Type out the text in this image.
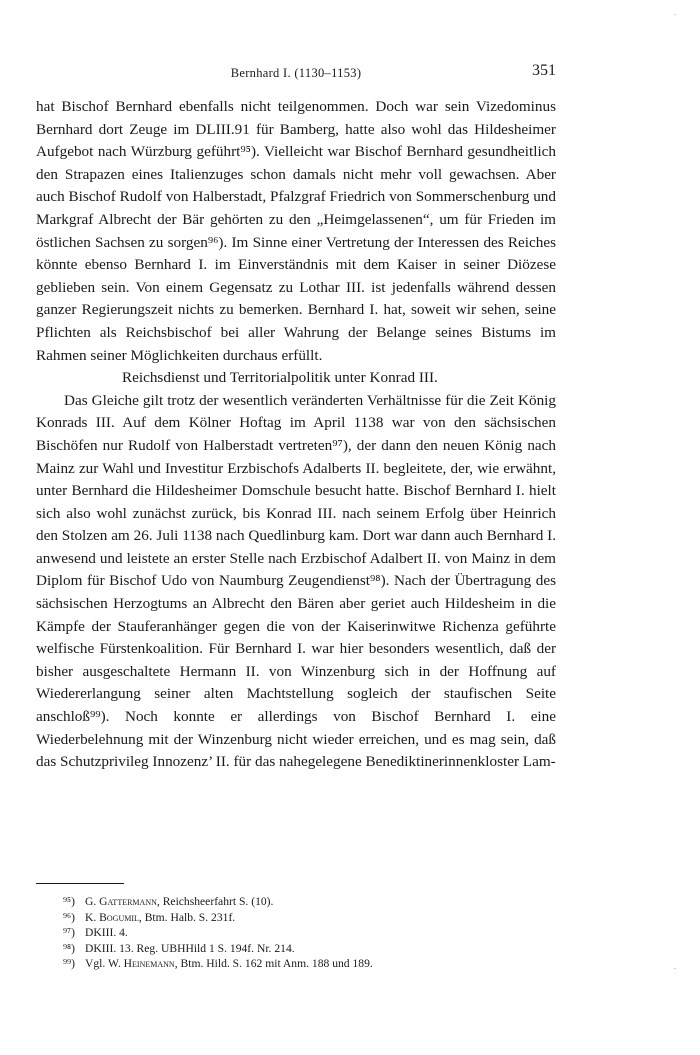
Bernhard I. (1130–1153)	351

hat Bischof Bernhard ebenfalls nicht teilgenommen. Doch war sein Vizedominus Bernhard dort Zeuge im DLIII.91 für Bamberg, hatte also wohl das Hildesheimer Aufgebot nach Würzburg geführt⁹⁵). Vielleicht war Bischof Bernhard gesundheitlich den Strapazen eines Italienzuges schon damals nicht mehr voll gewachsen. Aber auch Bischof Rudolf von Halberstadt, Pfalzgraf Friedrich von Sommerschenburg und Markgraf Albrecht der Bär gehörten zu den „Heimgelassenen“, um für Frieden im östlichen Sachsen zu sorgen⁹⁶). Im Sinne einer Vertretung der Interessen des Reiches könnte ebenso Bernhard I. im Einverständnis mit dem Kaiser in seiner Diözese geblieben sein. Von einem Gegensatz zu Lothar III. ist jedenfalls während dessen ganzer Regierungszeit nichts zu bemerken. Bernhard I. hat, soweit wir sehen, seine Pflichten als Reichsbischof bei aller Wahrung der Belange seines Bistums im Rahmen seiner Möglichkeiten durchaus erfüllt.

Reichsdienst und Territorialpolitik unter Konrad III.

Das Gleiche gilt trotz der wesentlich veränderten Verhältnisse für die Zeit König Konrads III. Auf dem Kölner Hoftag im April 1138 war von den sächsischen Bischöfen nur Rudolf von Halberstadt vertreten⁹⁷), der dann den neuen König nach Mainz zur Wahl und Investitur Erzbischofs Adalberts II. begleitete, der, wie erwähnt, unter Bernhard die Hildesheimer Domschule besucht hatte. Bischof Bernhard I. hielt sich also wohl zunächst zurück, bis Konrad III. nach seinem Erfolg über Heinrich den Stolzen am 26. Juli 1138 nach Quedlinburg kam. Dort war dann auch Bernhard I. anwesend und leistete an erster Stelle nach Erzbischof Adalbert II. von Mainz in dem Diplom für Bischof Udo von Naumburg Zeugendienst⁹⁸). Nach der Übertragung des sächsischen Herzogtums an Albrecht den Bären aber geriet auch Hildesheim in die Kämpfe der Stauferanhänger gegen die von der Kaiserinwitwe Richenza geführte welfische Fürstenkoalition. Für Bernhard I. war hier besonders wesentlich, daß der bisher ausgeschaltete Hermann II. von Winzenburg sich in der Hoffnung auf Wiedererlangung seiner alten Machtstellung sogleich der staufischen Seite anschloß⁹⁹). Noch konnte er allerdings von Bischof Bernhard I. eine Wiederbelehnung mit der Winzenburg nicht wieder erreichen, und es mag sein, daß das Schutzprivileg Innozenz’ II. für das nahegelegene Benediktinerinnenkloster Lam-

⁹⁵) G. Gattermann, Reichsheerfahrt S. (10).
⁹⁶) K. Bogumil, Btm. Halb. S. 231f.
⁹⁷) DKIII. 4.
⁹⁸) DKIII. 13. Reg. UBHHild 1 S. 194f. Nr. 214.
⁹⁹) Vgl. W. Heinemann, Btm. Hild. S. 162 mit Anm. 188 und 189.
